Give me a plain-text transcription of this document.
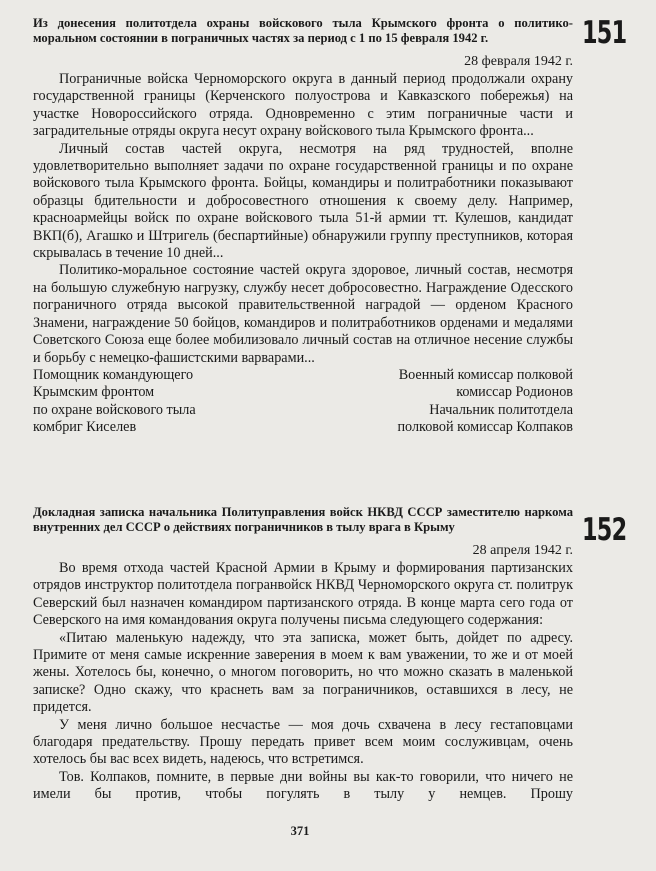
151
Из донесения политотдела охраны войскового тыла Крымского фронта о политико-моральном состоянии в пограничных частях за период с 1 по 15 февраля 1942 г.
28 февраля 1942 г.

Пограничные войска Черноморского округа в данный период продолжали охрану государственной границы (Керченского полуострова и Кавказского побережья) на участке Новороссийского отряда. Одновременно с этим пограничные части и заградительные отряды округа несут охрану войскового тыла Крымского фронта...

Личный состав частей округа, несмотря на ряд трудностей, вполне удовлетворительно выполняет задачи по охране государственной границы и по охране войскового тыла Крымского фронта. Бойцы, командиры и политработники показывают образцы бдительности и добросовестного отношения к своему делу. Например, красноармейцы войск по охране войскового тыла 51-й армии тт. Кулешов, кандидат ВКП(б), Агашко и Штригель (беспартийные) обнаружили группу преступников, которая скрывалась в течение 10 дней...

Политико-моральное состояние частей округа здоровое, личный состав, несмотря на большую служебную нагрузку, службу несет добросовестно. Награждение Одесского пограничного отряда высокой правительственной наградой — орденом Красного Знамени, награждение 50 бойцов, командиров и политработников орденами и медалями Советского Союза еще более мобилизовало личный состав на отличное несение службы и борьбу с немецко-фашистскими варварами...

Помощник командующего
Крымским фронтом
по охране войскового тыла
комбриг Киселев
Военный комиссар полковой
комиссар Родионов
Начальник политотдела
полковой комиссар Колпаков
152
Докладная записка начальника Политуправления войск НКВД СССР заместителю наркома внутренних дел СССР о действиях пограничников в тылу врага в Крыму
28 апреля 1942 г.

Во время отхода частей Красной Армии в Крыму и формирования партизанских отрядов инструктор политотдела погранвойск НКВД Черноморского округа ст. политрук Северский был назначен командиром партизанского отряда. В конце марта сего года от Северского на имя командования округа получены письма следующего содержания:

«Питаю маленькую надежду, что эта записка, может быть, дойдет по адресу. Примите от меня самые искренние заверения в моем к вам уважении, то же и от моей жены. Хотелось бы, конечно, о многом поговорить, но что можно сказать в маленькой записке? Одно скажу, что краснеть вам за пограничников, оставшихся в лесу, не придется.

У меня лично большое несчастье — моя дочь схвачена в лесу гестаповцами благодаря предательству. Прошу передать привет всем моим сослуживцам, очень хотелось бы вас всех видеть, надеюсь, что встретимся.

Тов. Колпаков, помните, в первые дни войны вы как-то говорили, что ничего не имели бы против, чтобы погулять в тылу у немцев. Прошу

371
